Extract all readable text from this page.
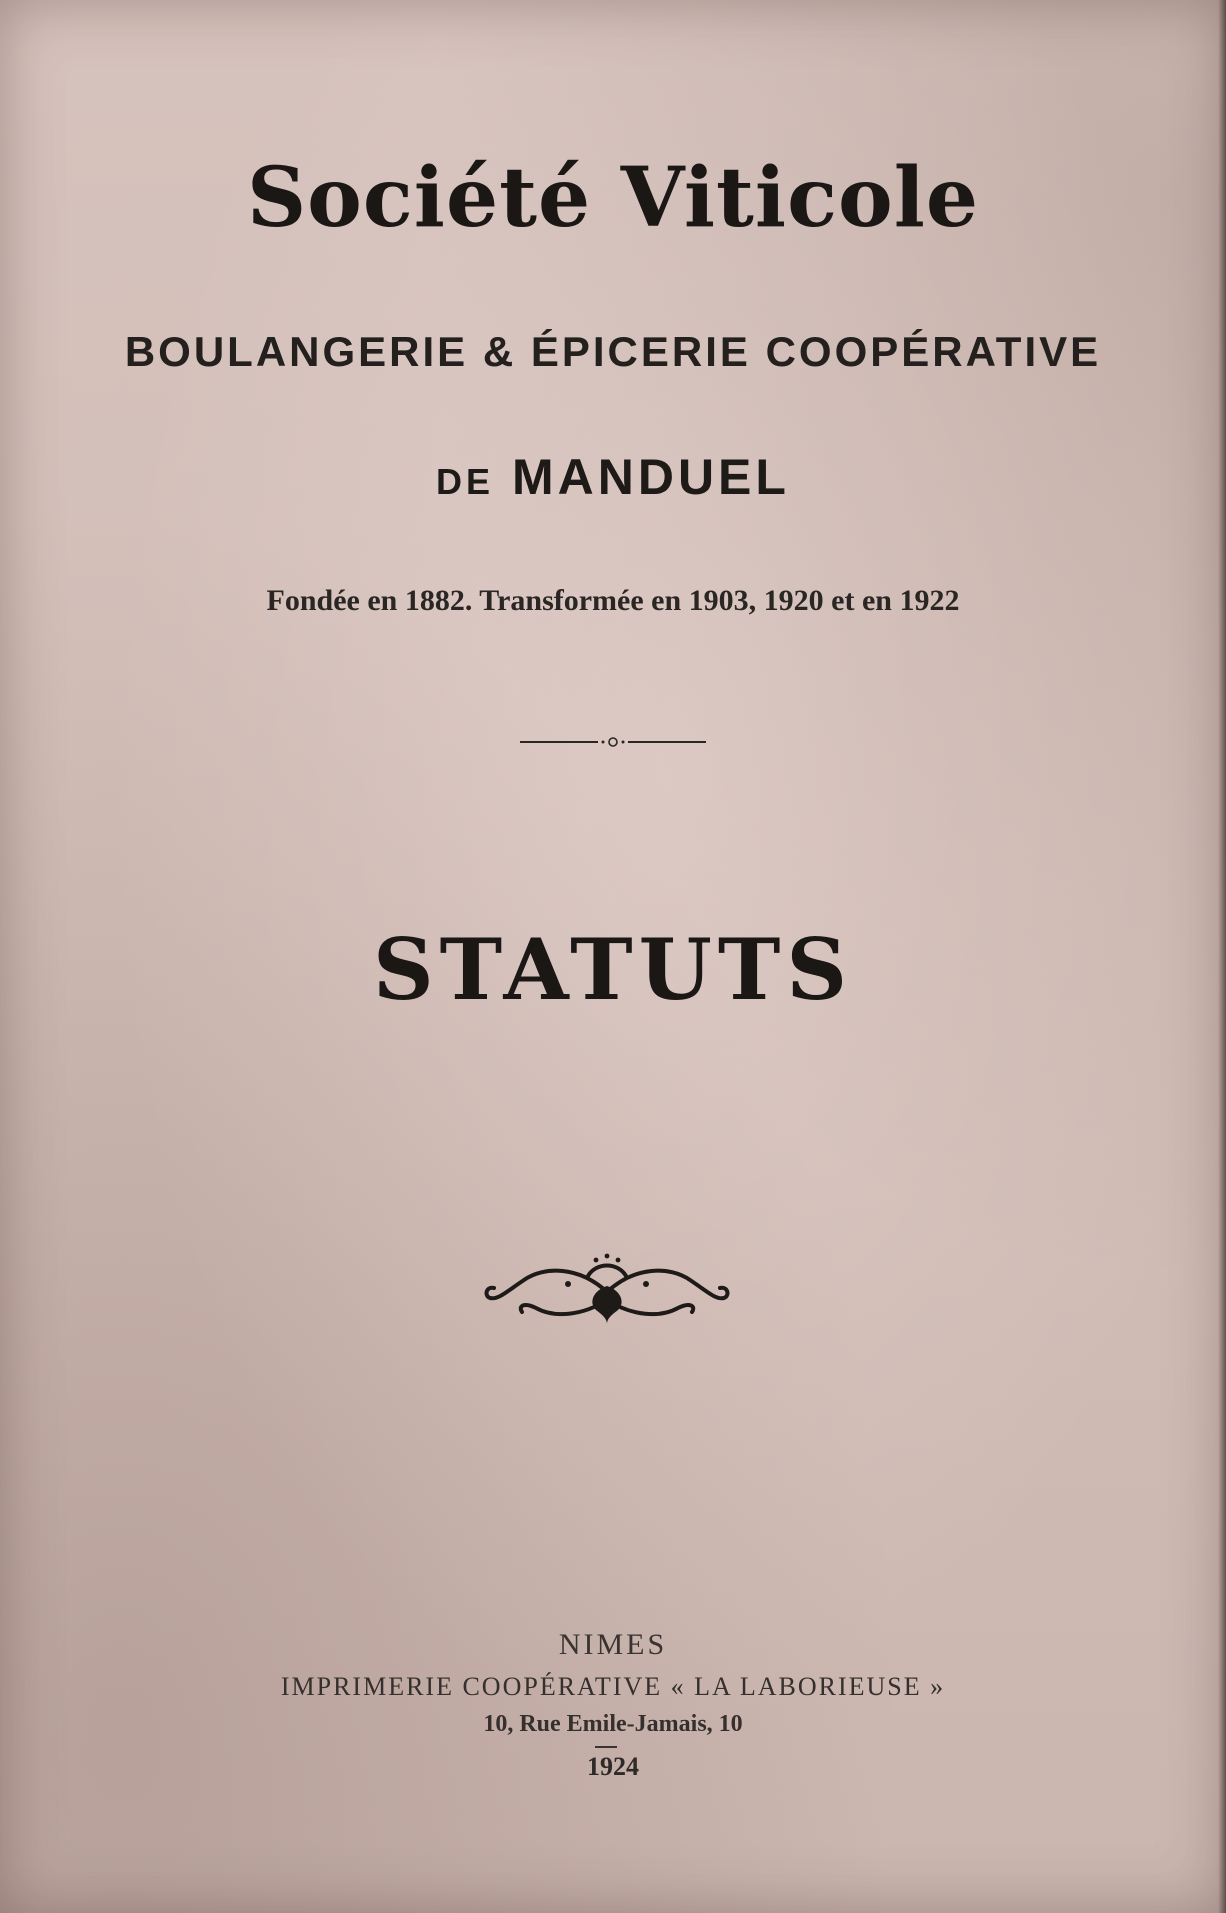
Société Viticole
BOULANGERIE & ÉPICERIE COOPÉRATIVE
DE MANDUEL
Fondée en 1882. Transformée en 1903, 1920 et en 1922
STATUTS
NIMES
IMPRIMERIE COOPÉRATIVE « LA LABORIEUSE »
10, Rue Emile-Jamais, 10
1924
